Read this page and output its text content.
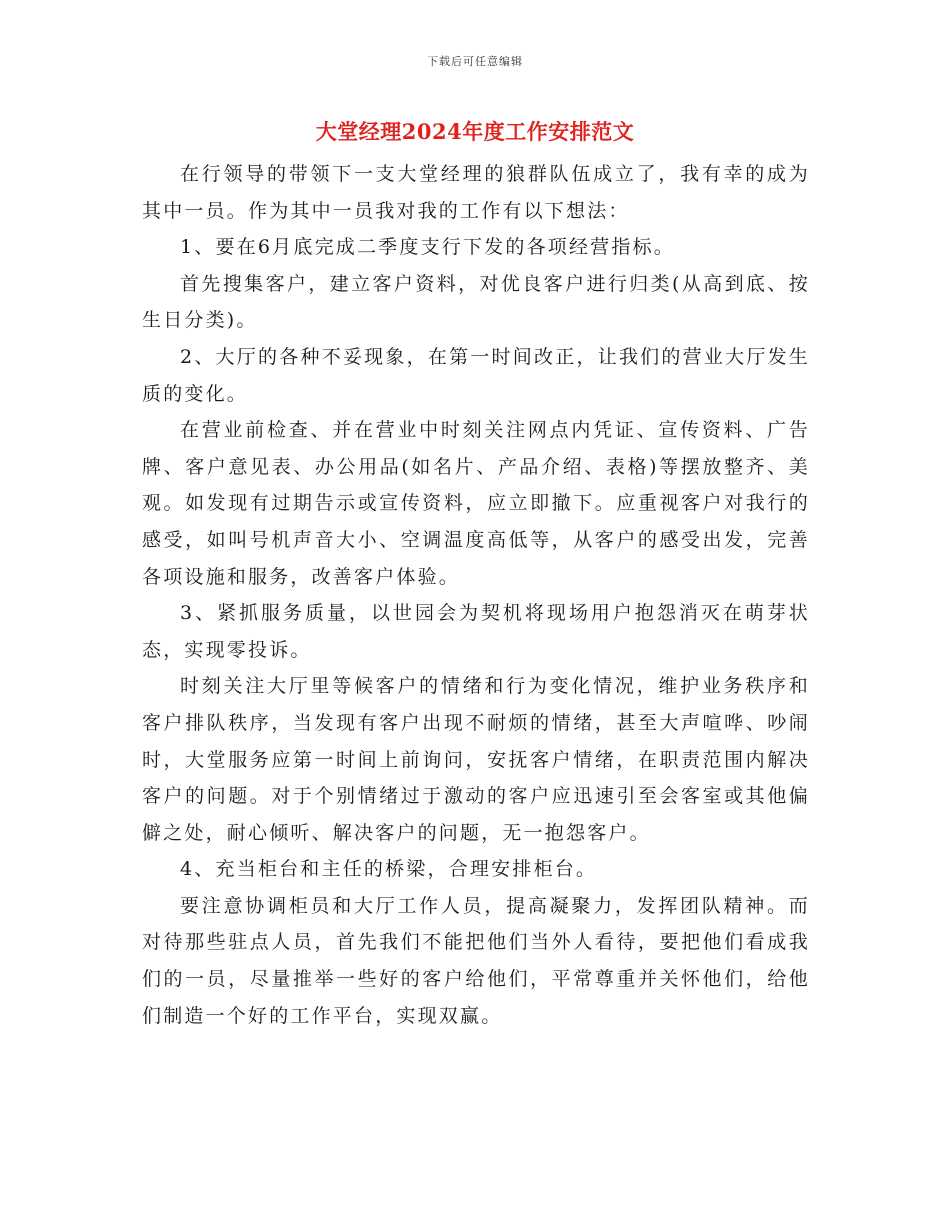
下载后可任意编辑
大堂经理2024年度工作安排范文

在行领导的带领下一支大堂经理的狼群队伍成立了，我有幸的成为其中一员。作为其中一员我对我的工作有以下想法：

1、要在6月底完成二季度支行下发的各项经营指标。

首先搜集客户，建立客户资料，对优良客户进行归类(从高到底、按生日分类)。

2、大厅的各种不妥现象，在第一时间改正，让我们的营业大厅发生质的变化。

在营业前检查、并在营业中时刻关注网点内凭证、宣传资料、广告牌、客户意见表、办公用品(如名片、产品介绍、表格)等摆放整齐、美观。如发现有过期告示或宣传资料，应立即撤下。应重视客户对我行的感受，如叫号机声音大小、空调温度高低等，从客户的感受出发，完善各项设施和服务，改善客户体验。

3、紧抓服务质量，以世园会为契机将现场用户抱怨消灭在萌芽状态，实现零投诉。

时刻关注大厅里等候客户的情绪和行为变化情况，维护业务秩序和客户排队秩序，当发现有客户出现不耐烦的情绪，甚至大声喧哗、吵闹时，大堂服务应第一时间上前询问，安抚客户情绪，在职责范围内解决客户的问题。对于个别情绪过于激动的客户应迅速引至会客室或其他偏僻之处，耐心倾听、解决客户的问题，无一抱怨客户。

4、充当柜台和主任的桥梁，合理安排柜台。

要注意协调柜员和大厅工作人员，提高凝聚力，发挥团队精神。而对待那些驻点人员，首先我们不能把他们当外人看待，要把他们看成我们的一员，尽量推举一些好的客户给他们，平常尊重并关怀他们，给他们制造一个好的工作平台，实现双赢。
